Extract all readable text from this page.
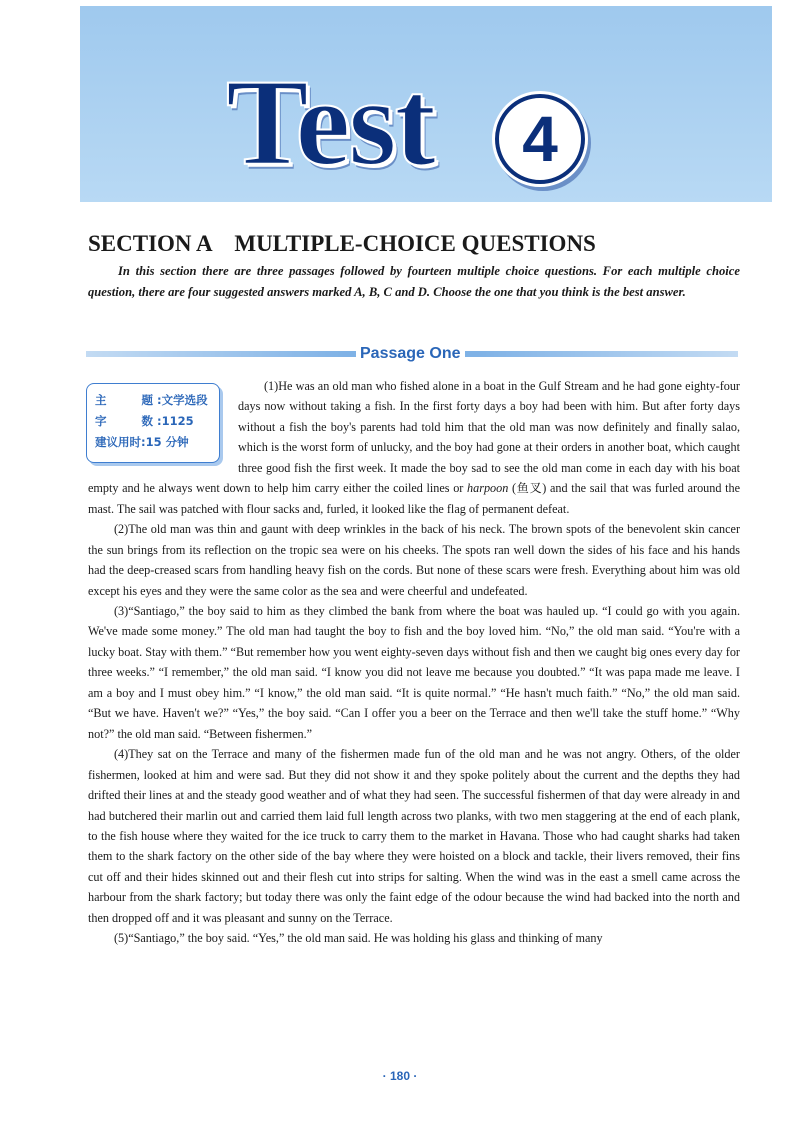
Test	4
SECTION A    MULTIPLE-CHOICE QUESTIONS

In this section there are three passages followed by fourteen multiple choice questions. For each multiple choice question, there are four suggested answers marked A, B, C and D. Choose the one that you think is the best answer.

Passage One
主 题 :文学选段
字 数 :1125
建议用时:15 分钟

(1)He was an old man who fished alone in a boat in the Gulf Stream and he had gone eighty-four days now without taking a fish. In the first forty days a boy had been with him. But after forty days without a fish the boy's parents had told him that the old man was now definitely and finally salao, which is the worst form of unlucky, and the boy had gone at their orders in another boat, which caught three good fish the first week. It made the boy sad to see the old man come in each day with his boat empty and he always went down to help him carry either the coiled lines or harpoon (鱼叉) and the sail that was furled around the mast. The sail was patched with flour sacks and, furled, it looked like the flag of permanent defeat.

(2)The old man was thin and gaunt with deep wrinkles in the back of his neck. The brown spots of the benevolent skin cancer the sun brings from its reflection on the tropic sea were on his cheeks. The spots ran well down the sides of his face and his hands had the deep-creased scars from handling heavy fish on the cords. But none of these scars were fresh. Everything about him was old except his eyes and they were the same color as the sea and were cheerful and undefeated.

(3)“Santiago,” the boy said to him as they climbed the bank from where the boat was hauled up. “I could go with you again. We've made some money.” The old man had taught the boy to fish and the boy loved him. “No,” the old man said. “You're with a lucky boat. Stay with them.” “But remember how you went eighty-seven days without fish and then we caught big ones every day for three weeks.” “I remember,” the old man said. “I know you did not leave me because you doubted.” “It was papa made me leave. I am a boy and I must obey him.” “I know,” the old man said. “It is quite normal.” “He hasn't much faith.” “No,” the old man said. “But we have. Haven't we?” “Yes,” the boy said. “Can I offer you a beer on the Terrace and then we'll take the stuff home.” “Why not?” the old man said. “Between fishermen.”

(4)They sat on the Terrace and many of the fishermen made fun of the old man and he was not angry. Others, of the older fishermen, looked at him and were sad. But they did not show it and they spoke politely about the current and the depths they had drifted their lines at and the steady good weather and of what they had seen. The successful fishermen of that day were already in and had butchered their marlin out and carried them laid full length across two planks, with two men staggering at the end of each plank, to the fish house where they waited for the ice truck to carry them to the market in Havana. Those who had caught sharks had taken them to the shark factory on the other side of the bay where they were hoisted on a block and tackle, their livers removed, their fins cut off and their hides skinned out and their flesh cut into strips for salting. When the wind was in the east a smell came across the harbour from the shark factory; but today there was only the faint edge of the odour because the wind had backed into the north and then dropped off and it was pleasant and sunny on the Terrace.

(5)“Santiago,” the boy said. “Yes,” the old man said. He was holding his glass and thinking of many

· 180 ·
